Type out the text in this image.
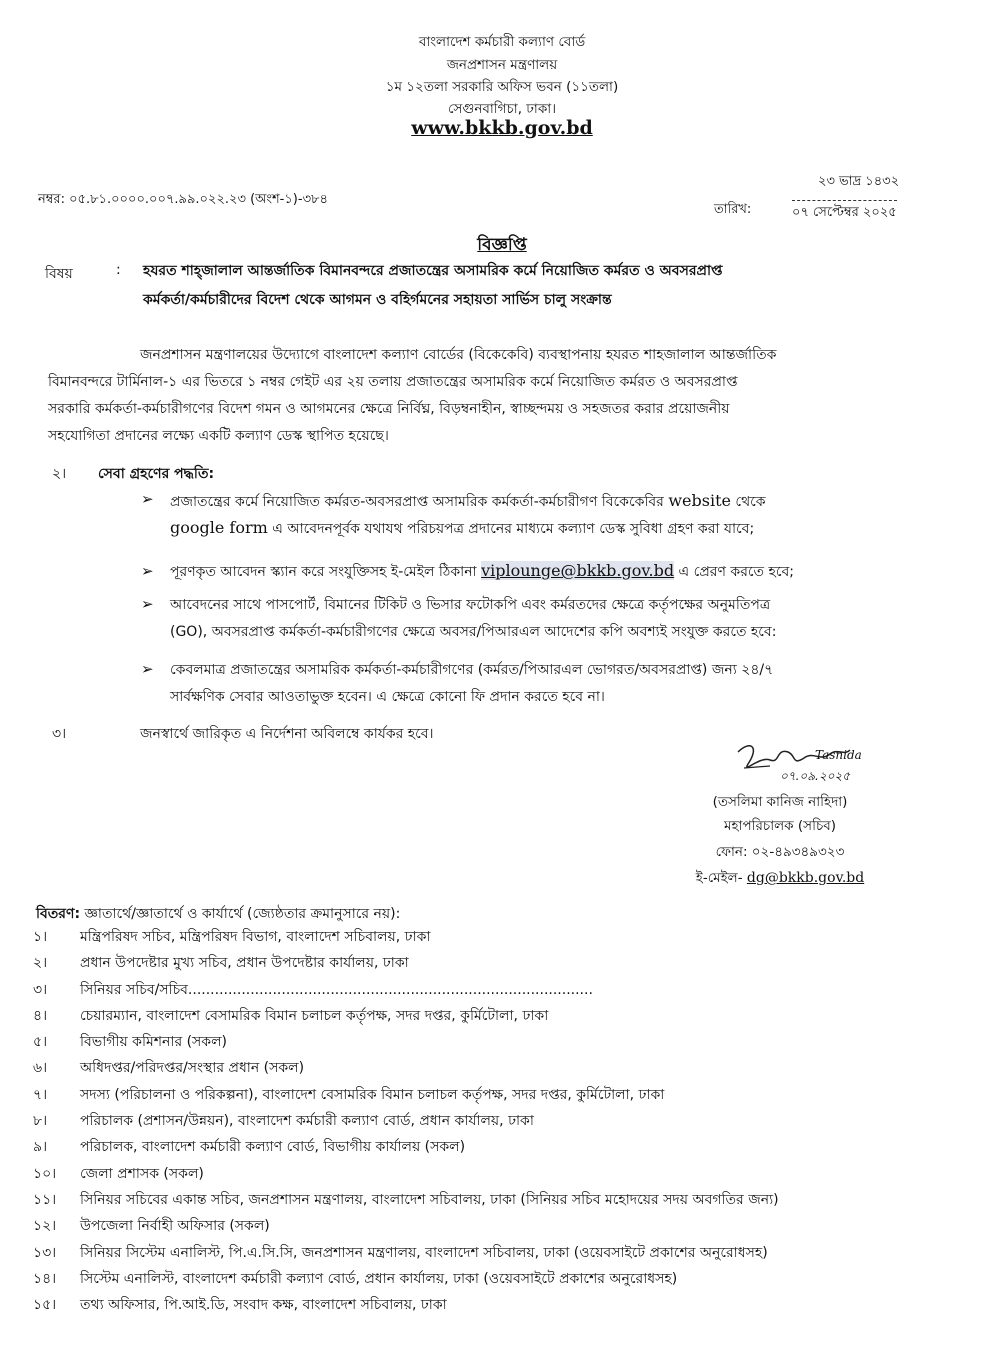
বাংলাদেশ কর্মচারী কল্যাণ বোর্ড
জনপ্রশাসন মন্ত্রণালয়
১ম ১২তলা সরকারি অফিস ভবন (১১তলা)
সেগুনবাগিচা, ঢাকা।
www.bkkb.gov.bd
নম্বর: ০৫.৮১.০০০০.০০৭.৯৯.০২২.২৩ (অংশ-১)-৩৮৪
২৩ ভাদ্র ১৪৩২
তারিখ:	০৭ সেপ্টেম্বর ২০২৫
বিজ্ঞপ্তি
বিষয়	: হযরত শাহ্জালাল আন্তর্জাতিক বিমানবন্দরে প্রজাতন্ত্রের অসামরিক কর্মে নিয়োজিত কর্মরত ও অবসরপ্রাপ্ত
কর্মকর্তা/কর্মচারীদের বিদেশ থেকে আগমন ও বহির্গমনের সহায়তা সার্ভিস চালু সংক্রান্ত
জনপ্রশাসন মন্ত্রণালয়ের উদ্যোগে বাংলাদেশ কল্যাণ বোর্ডের (বিকেকেবি) ব্যবস্থাপনায় হযরত শাহজালাল আন্তর্জাতিক
বিমানবন্দরে টার্মিনাল-১ এর ভিতরে ১ নম্বর গেইট এর ২য় তলায় প্রজাতন্ত্রের অসামরিক কর্মে নিয়োজিত কর্মরত ও অবসরপ্রাপ্ত
সরকারি কর্মকর্তা-কর্মচারীগণের বিদেশ গমন ও আগমনের ক্ষেত্রে নির্বিঘ্ন, বিড়ম্বনাহীন, স্বাচ্ছন্দময় ও সহজতর করার প্রয়োজনীয়
সহযোগিতা প্রদানের লক্ষ্যে একটি কল্যাণ ডেস্ক স্থাপিত হয়েছে।
২। সেবা গ্রহণের পদ্ধতি:
➢ প্রজাতন্ত্রের কর্মে নিয়োজিত কর্মরত-অবসরপ্রাপ্ত অসামরিক কর্মকর্তা-কর্মচারীগণ বিকেকেবির website থেকে
google form এ আবেদনপূর্বক যথাযথ পরিচয়পত্র প্রদানের মাধ্যমে কল্যাণ ডেস্ক সুবিধা গ্রহণ করা যাবে;
➢ পূরণকৃত আবেদন স্ক্যান করে সংযুক্তিসহ ই-মেইল ঠিকানা viplounge@bkkb.gov.bd এ প্রেরণ করতে হবে;
➢ আবেদনের সাথে পাসপোর্ট, বিমানের টিকিট ও ভিসার ফটোকপি এবং কর্মরতদের ক্ষেত্রে কর্তৃপক্ষের অনুমতিপত্র
(GO), অবসরপ্রাপ্ত কর্মকর্তা-কর্মচারীগণের ক্ষেত্রে অবসর/পিআরএল আদেশের কপি অবশ্যই সংযুক্ত করতে হবে:
➢ কেবলমাত্র প্রজাতন্ত্রের অসামরিক কর্মকর্তা-কর্মচারীগণের (কর্মরত/পিআরএল ভোগরত/অবসরপ্রাপ্ত) জন্য ২৪/৭
সার্বক্ষণিক সেবার আওতাভুক্ত হবেন। এ ক্ষেত্রে কোনো ফি প্রদান করতে হবে না।
৩।	জনস্বার্থে জারিকৃত এ নির্দেশনা অবিলম্বে কার্যকর হবে।
Tasnida
০৭.০৯.২০২৫
(তসলিমা কানিজ নাহিদা)
মহাপরিচালক (সচিব)
ফোন: ০২-৪৯৩৪৯৩২৩
ই-মেইল- dg@bkkb.gov.bd
বিতরণ: জ্ঞাতার্থে/জ্ঞাতার্থে ও কার্যার্থে (জ্যেষ্ঠতার ক্রমানুসারে নয়):
১। মন্ত্রিপরিষদ সচিব, মন্ত্রিপরিষদ বিভাগ, বাংলাদেশ সচিবালয়, ঢাকা
২। প্রধান উপদেষ্টার মুখ্য সচিব, প্রধান উপদেষ্টার কার্যালয়, ঢাকা
৩। সিনিয়র সচিব/সচিব...........................................................................................
৪। চেয়ারম্যান, বাংলাদেশ বেসামরিক বিমান চলাচল কর্তৃপক্ষ, সদর দপ্তর, কুর্মিটোলা, ঢাকা
৫। বিভাগীয় কমিশনার (সকল)
৬। অধিদপ্তর/পরিদপ্তর/সংস্থার প্রধান (সকল)
৭। সদস্য (পরিচালনা ও পরিকল্পনা), বাংলাদেশ বেসামরিক বিমান চলাচল কর্তৃপক্ষ, সদর দপ্তর, কুর্মিটোলা, ঢাকা
৮। পরিচালক (প্রশাসন/উন্নয়ন), বাংলাদেশ কর্মচারী কল্যাণ বোর্ড, প্রধান কার্যালয়, ঢাকা
৯। পরিচালক, বাংলাদেশ কর্মচারী কল্যাণ বোর্ড, বিভাগীয় কার্যালয় (সকল)
১০। জেলা প্রশাসক (সকল)
১১। সিনিয়র সচিবের একান্ত সচিব, জনপ্রশাসন মন্ত্রণালয়, বাংলাদেশ সচিবালয়, ঢাকা (সিনিয়র সচিব মহোদয়ের সদয় অবগতির জন্য)
১২। উপজেলা নির্বাহী অফিসার (সকল)
১৩। সিনিয়র সিস্টেম এনালিস্ট, পি.এ.সি.সি, জনপ্রশাসন মন্ত্রণালয়, বাংলাদেশ সচিবালয়, ঢাকা (ওয়েবসাইটে প্রকাশের অনুরোধসহ)
১৪। সিস্টেম এনালিস্ট, বাংলাদেশ কর্মচারী কল্যাণ বোর্ড, প্রধান কার্যালয়, ঢাকা (ওয়েবসাইটে প্রকাশের অনুরোধসহ)
১৫। তথ্য অফিসার, পি.আই.ডি, সংবাদ কক্ষ, বাংলাদেশ সচিবালয়, ঢাকা
